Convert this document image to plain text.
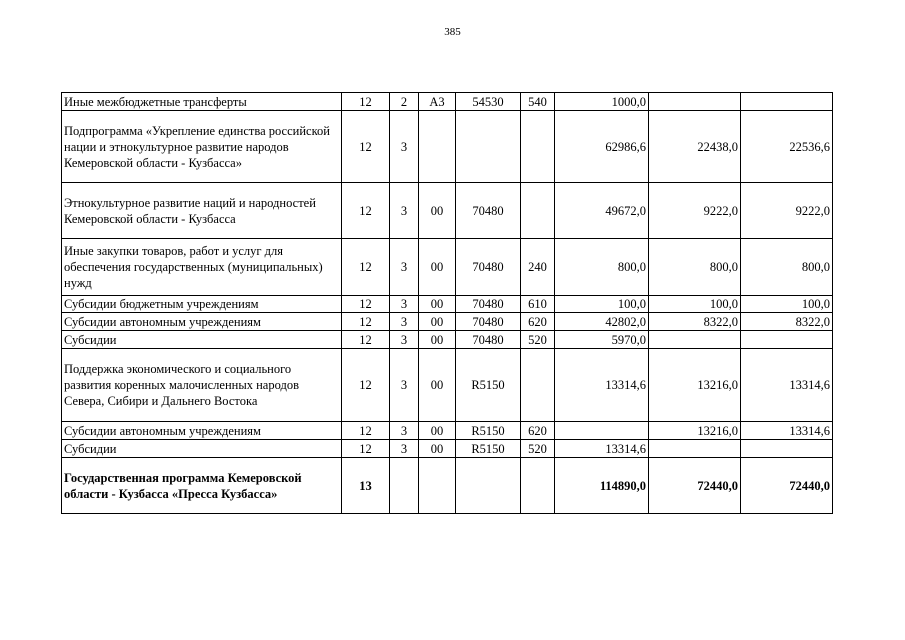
385
Иные межбюджетные трансферты	12	2	А3	54530	540	1000,0		
Подпрограмма «Укрепление единства российской нации и этнокультурное развитие народов Кемеровской области - Кузбасса»	12	3				62986,6	22438,0	22536,6
Этнокультурное развитие наций и народностей Кемеровской области - Кузбасса	12	3	00	70480		49672,0	9222,0	9222,0
Иные закупки товаров, работ и услуг для обеспечения государственных (муниципальных) нужд	12	3	00	70480	240	800,0	800,0	800,0
Субсидии бюджетным учреждениям	12	3	00	70480	610	100,0	100,0	100,0
Субсидии автономным учреждениям	12	3	00	70480	620	42802,0	8322,0	8322,0
Субсидии	12	3	00	70480	520	5970,0		
Поддержка экономического и социального развития коренных малочисленных народов Севера, Сибири и Дальнего Востока	12	3	00	R5150		13314,6	13216,0	13314,6
Субсидии автономным учреждениям	12	3	00	R5150	620		13216,0	13314,6
Субсидии	12	3	00	R5150	520	13314,6		
Государственная программа Кемеровской области - Кузбасса «Пресса Кузбасса»	13					114890,0	72440,0	72440,0
